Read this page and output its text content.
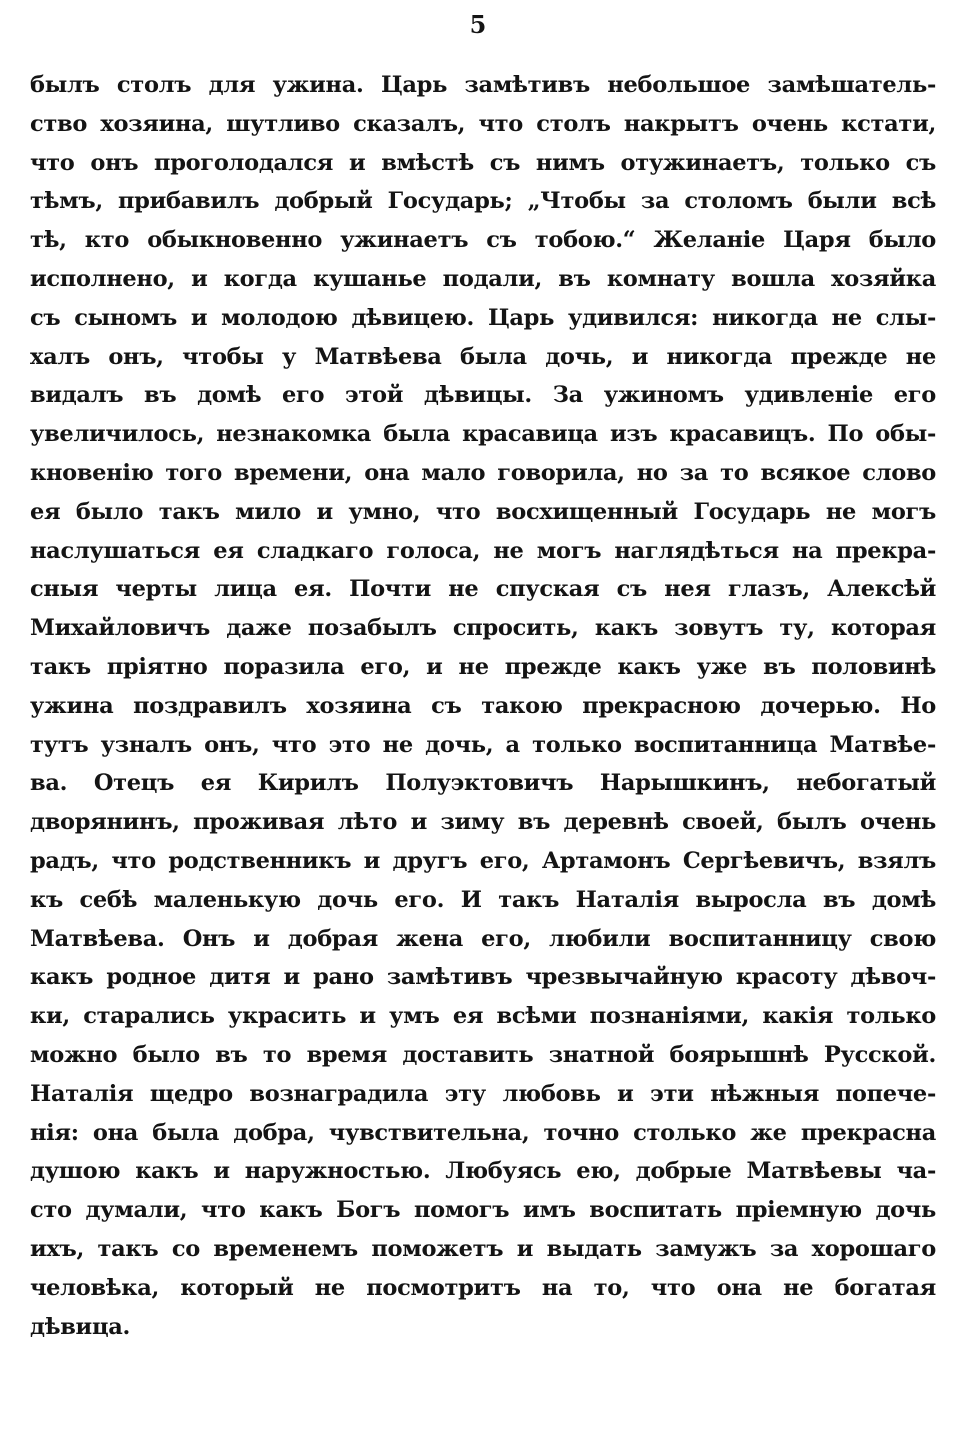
5
былъ столъ для ужина. Царь замѣтивъ небольшое замѣшатель-
ство хозяина, шутливо сказалъ, что столъ накрытъ очень кстати,
что онъ проголодался и вмѣстѣ съ нимъ отужинаетъ, только съ
тѣмъ, прибавилъ добрый Государь; „Чтобы за столомъ были всѣ
тѣ, кто обыкновенно ужинаетъ съ тобою.“ Желаніе Царя было
исполнено, и когда кушанье подали, въ комнату вошла хозяйка
съ сыномъ и молодою дѣвицею. Царь удивился: никогда не слы-
халъ онъ, чтобы у Матвѣева была дочь, и никогда прежде не
видалъ въ домѣ его этой дѣвицы. За ужиномъ удивленіе его
увеличилось, незнакомка была красавица изъ красавицъ. По обы-
кновенію того времени, она мало говорила, но за то всякое слово
ея было такъ мило и умно, что восхищенный Государь не могъ
наслушаться ея сладкаго голоса, не могъ наглядѣться на прекра-
сныя черты лица ея. Почти не спуская съ нея глазъ, Алексѣй
Михайловичъ даже позабылъ спросить, какъ зовутъ ту, которая
такъ пріятно поразила его, и не прежде какъ уже въ половинѣ
ужина поздравилъ хозяина съ такою прекрасною дочерью. Но
тутъ узналъ онъ, что это не дочь, а только воспитанница Матвѣе-
ва. Отецъ ея Кирилъ Полуэктовичъ Нарышкинъ, небогатый
дворянинъ, проживая лѣто и зиму въ деревнѣ своей, былъ очень
радъ, что родственникъ и другъ его, Артамонъ Сергѣевичъ, взялъ
къ себѣ маленькую дочь его. И такъ Наталія выросла въ домѣ
Матвѣева. Онъ и добрая жена его, любили воспитанницу свою
какъ родное дитя и рано замѣтивъ чрезвычайную красоту дѣвоч-
ки, старались украсить и умъ ея всѣми познаніями, какія только
можно было въ то время доставить знатной боярышнѣ Русской.
Наталія щедро вознаградила эту любовь и эти нѣжныя попече-
нія: она была добра, чувствительна, точно столько же прекрасна
душою какъ и наружностью. Любуясь ею, добрые Матвѣевы ча-
сто думали, что какъ Богъ помогъ имъ воспитать пріемную дочь
ихъ, такъ со временемъ поможетъ и выдать замужъ за хорошаго
человѣка, который не посмотритъ на то, что она не богатая
дѣвица.
